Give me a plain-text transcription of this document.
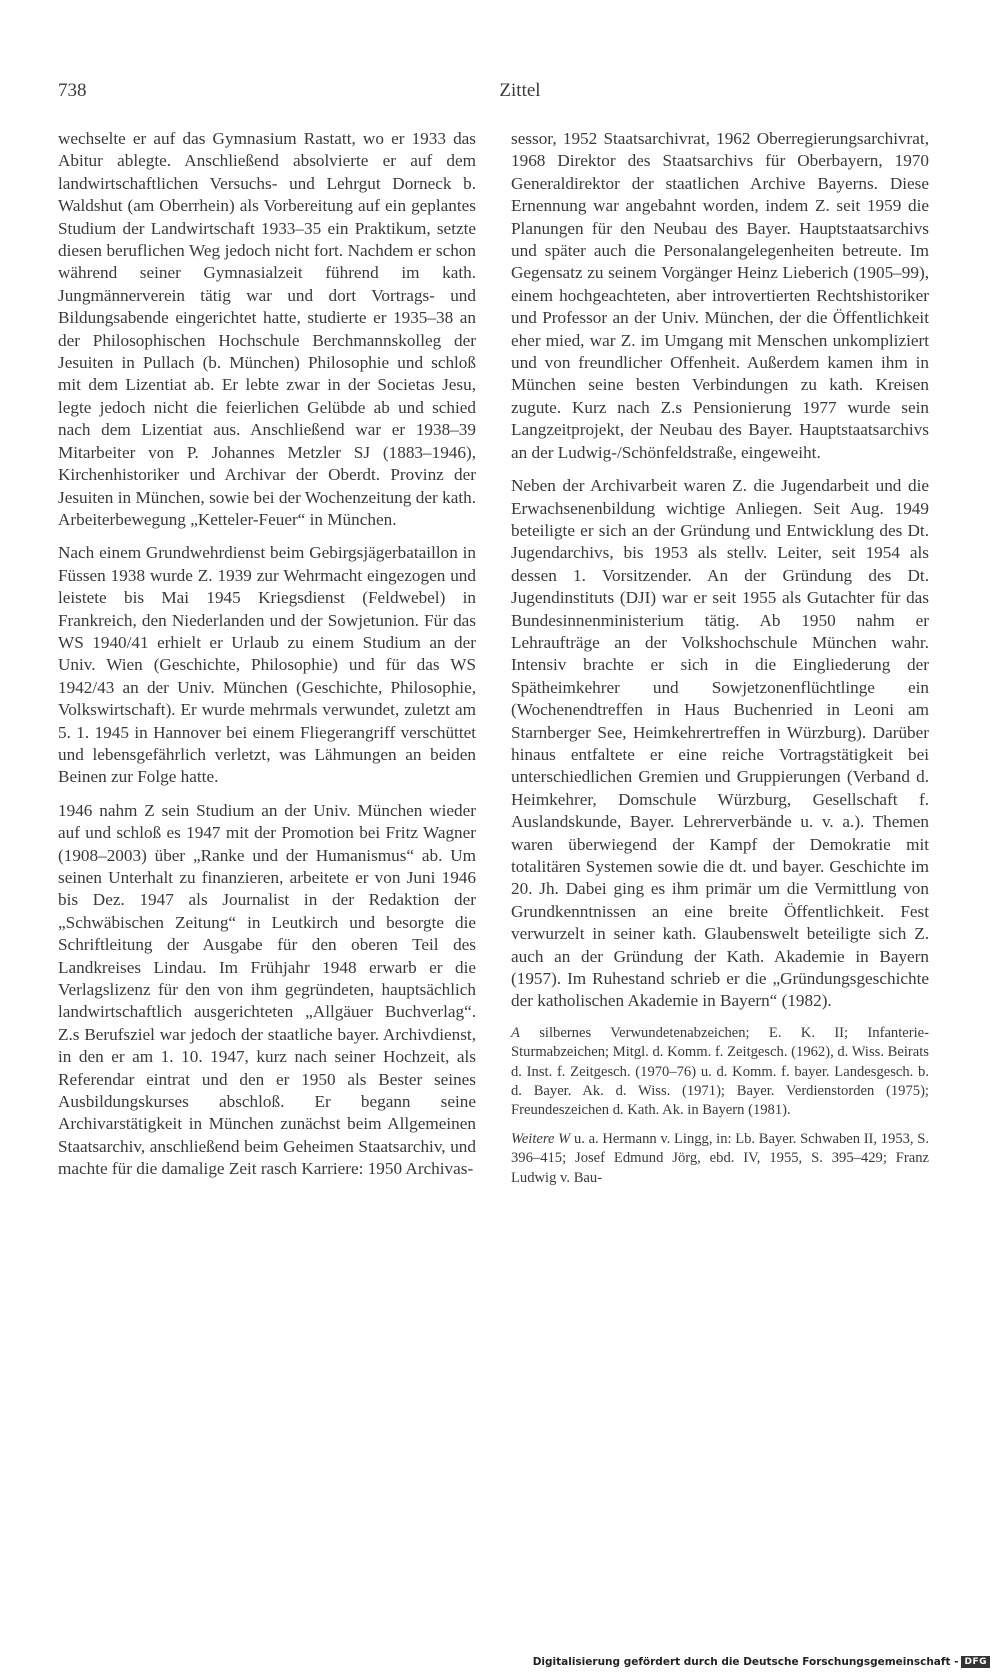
738	Zittel

wechselte er auf das Gymnasium Rastatt, wo er 1933 das Abitur ablegte. Anschließend absolvierte er auf dem landwirtschaftlichen Versuchs- und Lehrgut Dorneck b. Waldshut (am Oberrhein) als Vorbereitung auf ein geplantes Studium der Landwirtschaft 1933–35 ein Praktikum, setzte diesen beruflichen Weg jedoch nicht fort. Nachdem er schon während seiner Gymnasialzeit führend im kath. Jungmännerverein tätig war und dort Vortrags- und Bildungsabende eingerichtet hatte, studierte er 1935–38 an der Philosophischen Hochschule Berchmannskolleg der Jesuiten in Pullach (b. München) Philosophie und schloß mit dem Lizentiat ab. Er lebte zwar in der Societas Jesu, legte jedoch nicht die feierlichen Gelübde ab und schied nach dem Lizentiat aus. Anschließend war er 1938–39 Mitarbeiter von P. Johannes Metzler SJ (1883–1946), Kirchenhistoriker und Archivar der Oberdt. Provinz der Jesuiten in München, sowie bei der Wochenzeitung der kath. Arbeiterbewegung „Ketteler-Feuer“ in München.

Nach einem Grundwehrdienst beim Gebirgsjägerbataillon in Füssen 1938 wurde Z. 1939 zur Wehrmacht eingezogen und leistete bis Mai 1945 Kriegsdienst (Feldwebel) in Frankreich, den Niederlanden und der Sowjetunion. Für das WS 1940/41 erhielt er Urlaub zu einem Studium an der Univ. Wien (Geschichte, Philosophie) und für das WS 1942/43 an der Univ. München (Geschichte, Philosophie, Volkswirtschaft). Er wurde mehrmals verwundet, zuletzt am 5. 1. 1945 in Hannover bei einem Fliegerangriff verschüttet und lebensgefährlich verletzt, was Lähmungen an beiden Beinen zur Folge hatte.

1946 nahm Z sein Studium an der Univ. München wieder auf und schloß es 1947 mit der Promotion bei Fritz Wagner (1908–2003) über „Ranke und der Humanismus“ ab. Um seinen Unterhalt zu finanzieren, arbeitete er von Juni 1946 bis Dez. 1947 als Journalist in der Redaktion der „Schwäbischen Zeitung“ in Leutkirch und besorgte die Schriftleitung der Ausgabe für den oberen Teil des Landkreises Lindau. Im Frühjahr 1948 erwarb er die Verlagslizenz für den von ihm gegründeten, hauptsächlich landwirtschaftlich ausgerichteten „Allgäuer Buchverlag“. Z.s Berufsziel war jedoch der staatliche bayer. Archivdienst, in den er am 1. 10. 1947, kurz nach seiner Hochzeit, als Referendar eintrat und den er 1950 als Bester seines Ausbildungskurses abschloß. Er begann seine Archivarstätigkeit in München zunächst beim Allgemeinen Staatsarchiv, anschließend beim Geheimen Staatsarchiv, und machte für die damalige Zeit rasch Karriere: 1950 Archivas-

sessor, 1952 Staatsarchivrat, 1962 Oberregierungsarchivrat, 1968 Direktor des Staatsarchivs für Oberbayern, 1970 Generaldirektor der staatlichen Archive Bayerns. Diese Ernennung war angebahnt worden, indem Z. seit 1959 die Planungen für den Neubau des Bayer. Hauptstaatsarchivs und später auch die Personalangelegenheiten betreute. Im Gegensatz zu seinem Vorgänger Heinz Lieberich (1905–99), einem hochgeachteten, aber introvertierten Rechtshistoriker und Professor an der Univ. München, der die Öffentlichkeit eher mied, war Z. im Umgang mit Menschen unkompliziert und von freundlicher Offenheit. Außerdem kamen ihm in München seine besten Verbindungen zu kath. Kreisen zugute. Kurz nach Z.s Pensionierung 1977 wurde sein Langzeitprojekt, der Neubau des Bayer. Hauptstaatsarchivs an der Ludwig-/Schönfeldstraße, eingeweiht.

Neben der Archivarbeit waren Z. die Jugendarbeit und die Erwachsenenbildung wichtige Anliegen. Seit Aug. 1949 beteiligte er sich an der Gründung und Entwicklung des Dt. Jugendarchivs, bis 1953 als stellv. Leiter, seit 1954 als dessen 1. Vorsitzender. An der Gründung des Dt. Jugendinstituts (DJI) war er seit 1955 als Gutachter für das Bundesinnenministerium tätig. Ab 1950 nahm er Lehraufträge an der Volkshochschule München wahr. Intensiv brachte er sich in die Eingliederung der Spätheimkehrer und Sowjetzonenflüchtlinge ein (Wochenendtreffen in Haus Buchenried in Leoni am Starnberger See, Heimkehrertreffen in Würzburg). Darüber hinaus entfaltete er eine reiche Vortragstätigkeit bei unterschiedlichen Gremien und Gruppierungen (Verband d. Heimkehrer, Domschule Würzburg, Gesellschaft f. Auslandskunde, Bayer. Lehrerverbände u. v. a.). Themen waren überwiegend der Kampf der Demokratie mit totalitären Systemen sowie die dt. und bayer. Geschichte im 20. Jh. Dabei ging es ihm primär um die Vermittlung von Grundkenntnissen an eine breite Öffentlichkeit. Fest verwurzelt in seiner kath. Glaubenswelt beteiligte sich Z. auch an der Gründung der Kath. Akademie in Bayern (1957). Im Ruhestand schrieb er die „Gründungsgeschichte der katholischen Akademie in Bayern“ (1982).

A silbernes Verwundetenabzeichen; E. K. II; Infanterie-Sturmabzeichen; Mitgl. d. Komm. f. Zeitgesch. (1962), d. Wiss. Beirats d. Inst. f. Zeitgesch. (1970–76) u. d. Komm. f. bayer. Landesgesch. b. d. Bayer. Ak. d. Wiss. (1971); Bayer. Verdienstorden (1975); Freundeszeichen d. Kath. Ak. in Bayern (1981).

Weitere W u. a. Hermann v. Lingg, in: Lb. Bayer. Schwaben II, 1953, S. 396–415; Josef Edmund Jörg, ebd. IV, 1955, S. 395–429; Franz Ludwig v. Bau-

Digitalisierung gefördert durch die Deutsche Forschungsgemeinschaft - DFG
